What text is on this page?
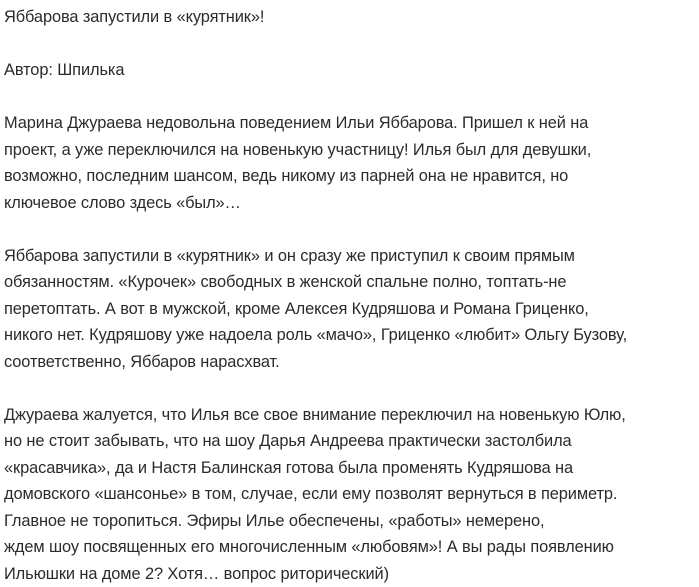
Яббарова запустили в «курятник»!
Автор: Шпилька
Марина Джураева недовольна поведением Ильи Яббарова. Пришел к ней на
проект, а уже переключился на новенькую участницу! Илья был для девушки,
возможно, последним шансом, ведь никому из парней она не нравится, но
ключевое слово здесь «был»…
Яббарова запустили в «курятник» и он сразу же приступил к своим прямым
обязанностям. «Курочек» свободных в женской спальне полно, топтать-не
перетоптать. А вот в мужской, кроме Алексея Кудряшова и Романа Гриценко,
никого нет. Кудряшову уже надоела роль «мачо», Гриценко «любит» Ольгу Бузову,
соответственно, Яббаров нарасхват.
Джураева жалуется, что Илья все свое внимание переключил на новенькую Юлю,
но не стоит забывать, что на шоу Дарья Андреева практически застолбила
«красавчика», да и Настя Балинская готова была променять Кудряшова на
домовского «шансонье» в том, случае, если ему позволят вернуться в периметр.
Главное не торопиться. Эфиры Илье обеспечены, «работы» немерено,
ждем шоу посвященных его многочисленным «любовям»! А вы рады появлению
Ильюшки на доме 2? Хотя… вопрос риторический)
